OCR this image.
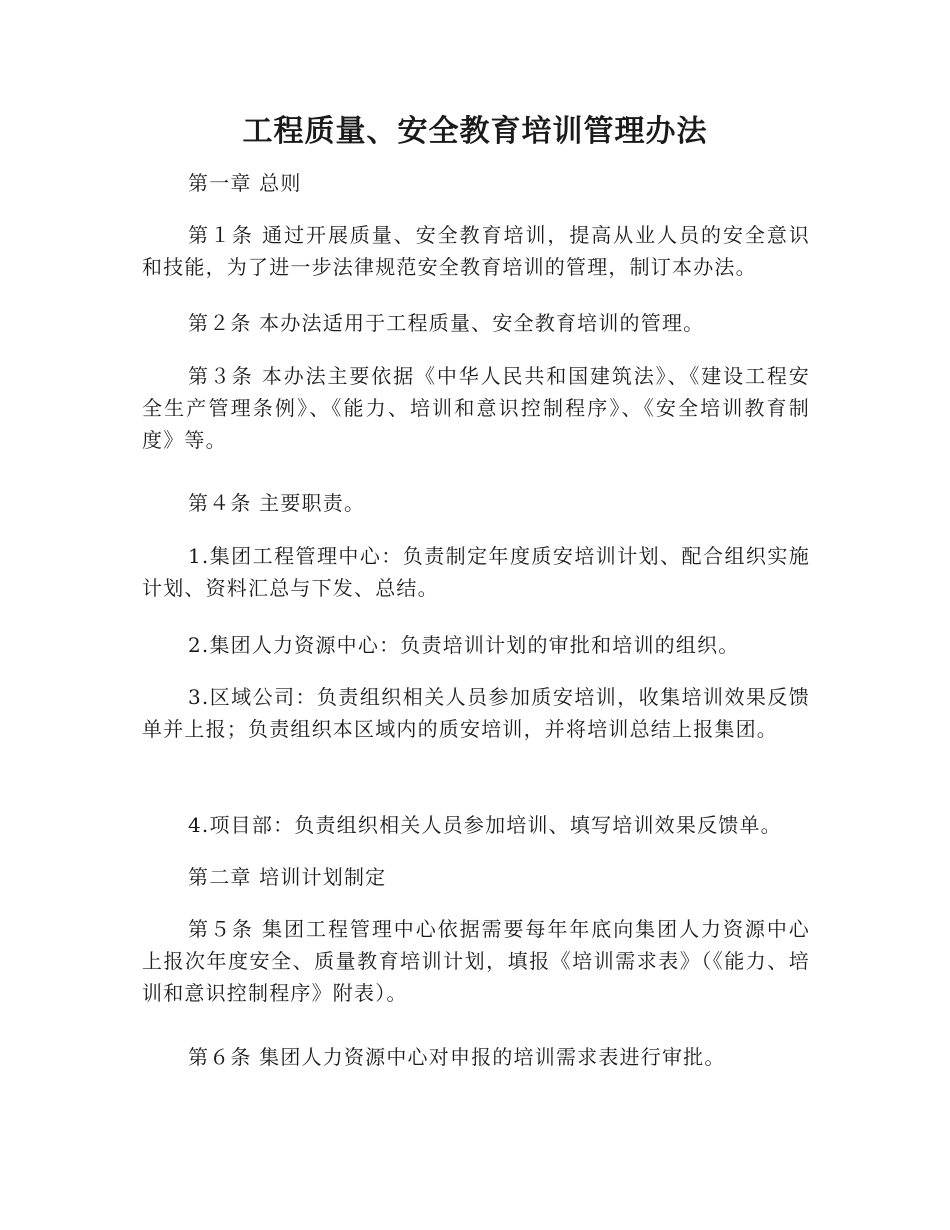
工程质量、安全教育培训管理办法

第一章 总则

第１条 通过开展质量、安全教育培训，提高从业人员的安全意识和技能，为了进一步法律规范安全教育培训的管理，制订本办法。

第２条 本办法适用于工程质量、安全教育培训的管理。

第３条 本办法主要依据《中华人民共和国建筑法》、《建设工程安全生产管理条例》、《能力、培训和意识控制程序》、《安全培训教育制度》等。

第４条 主要职责。

1.集团工程管理中心：负责制定年度质安培训计划、配合组织实施计划、资料汇总与下发、总结。

2.集团人力资源中心：负责培训计划的审批和培训的组织。

3.区域公司：负责组织相关人员参加质安培训，收集培训效果反馈单并上报；负责组织本区域内的质安培训，并将培训总结上报集团。

4.项目部：负责组织相关人员参加培训、填写培训效果反馈单。

第二章 培训计划制定

第５条 集团工程管理中心依据需要每年年底向集团人力资源中心上报次年度安全、质量教育培训计划，填报《培训需求表》（《能力、培训和意识控制程序》附表）。

第６条 集团人力资源中心对申报的培训需求表进行审批。
